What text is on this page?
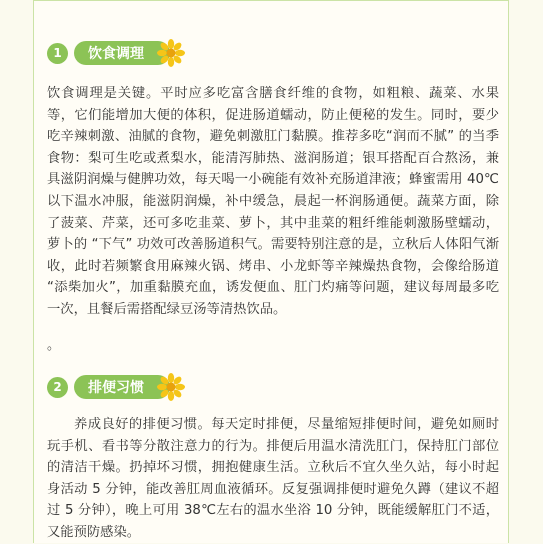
1	饮食调理

饮食调理是关键。平时应多吃富含膳食纤维的食物，如粗粮、蔬菜、水果等，它们能增加大便的体积，促进肠道蠕动，防止便秘的发生。同时，要少吃辛辣刺激、油腻的食物，避免刺激肛门黏膜。推荐多吃“润而不腻” 的当季食物：梨可生吃或煮梨水，能清泻肺热、滋润肠道；银耳搭配百合熬汤，兼具滋阴润燥与健脾功效，每天喝一小碗能有效补充肠道津液；蜂蜜需用 40℃以下温水冲服，能滋阴润燥，补中缓急，晨起一杯润肠通便。蔬菜方面，除了菠菜、芹菜，还可多吃韭菜、萝卜，其中韭菜的粗纤维能刺激肠壁蠕动，萝卜的 “下气” 功效可改善肠道积气。需要特别注意的是，立秋后人体阳气渐收，此时若频繁食用麻辣火锅、烤串、小龙虾等辛辣燥热食物，会像给肠道 “添柴加火”，加重黏膜充血，诱发便血、肛门灼痛等问题，建议每周最多吃一次，且餐后需搭配绿豆汤等清热饮品。

。
2	排便习惯

养成良好的排便习惯。每天定时排便，尽量缩短排便时间，避免如厕时玩手机、看书等分散注意力的行为。排便后用温水清洗肛门，保持肛门部位的清洁干燥。扔掉坏习惯，拥抱健康生活。立秋后不宜久坐久站，每小时起身活动 5 分钟，能改善肛周血液循环。反复强调排便时避免久蹲（建议不超过 5 分钟），晚上可用 38℃左右的温水坐浴 10 分钟，既能缓解肛门不适，又能预防感染。
